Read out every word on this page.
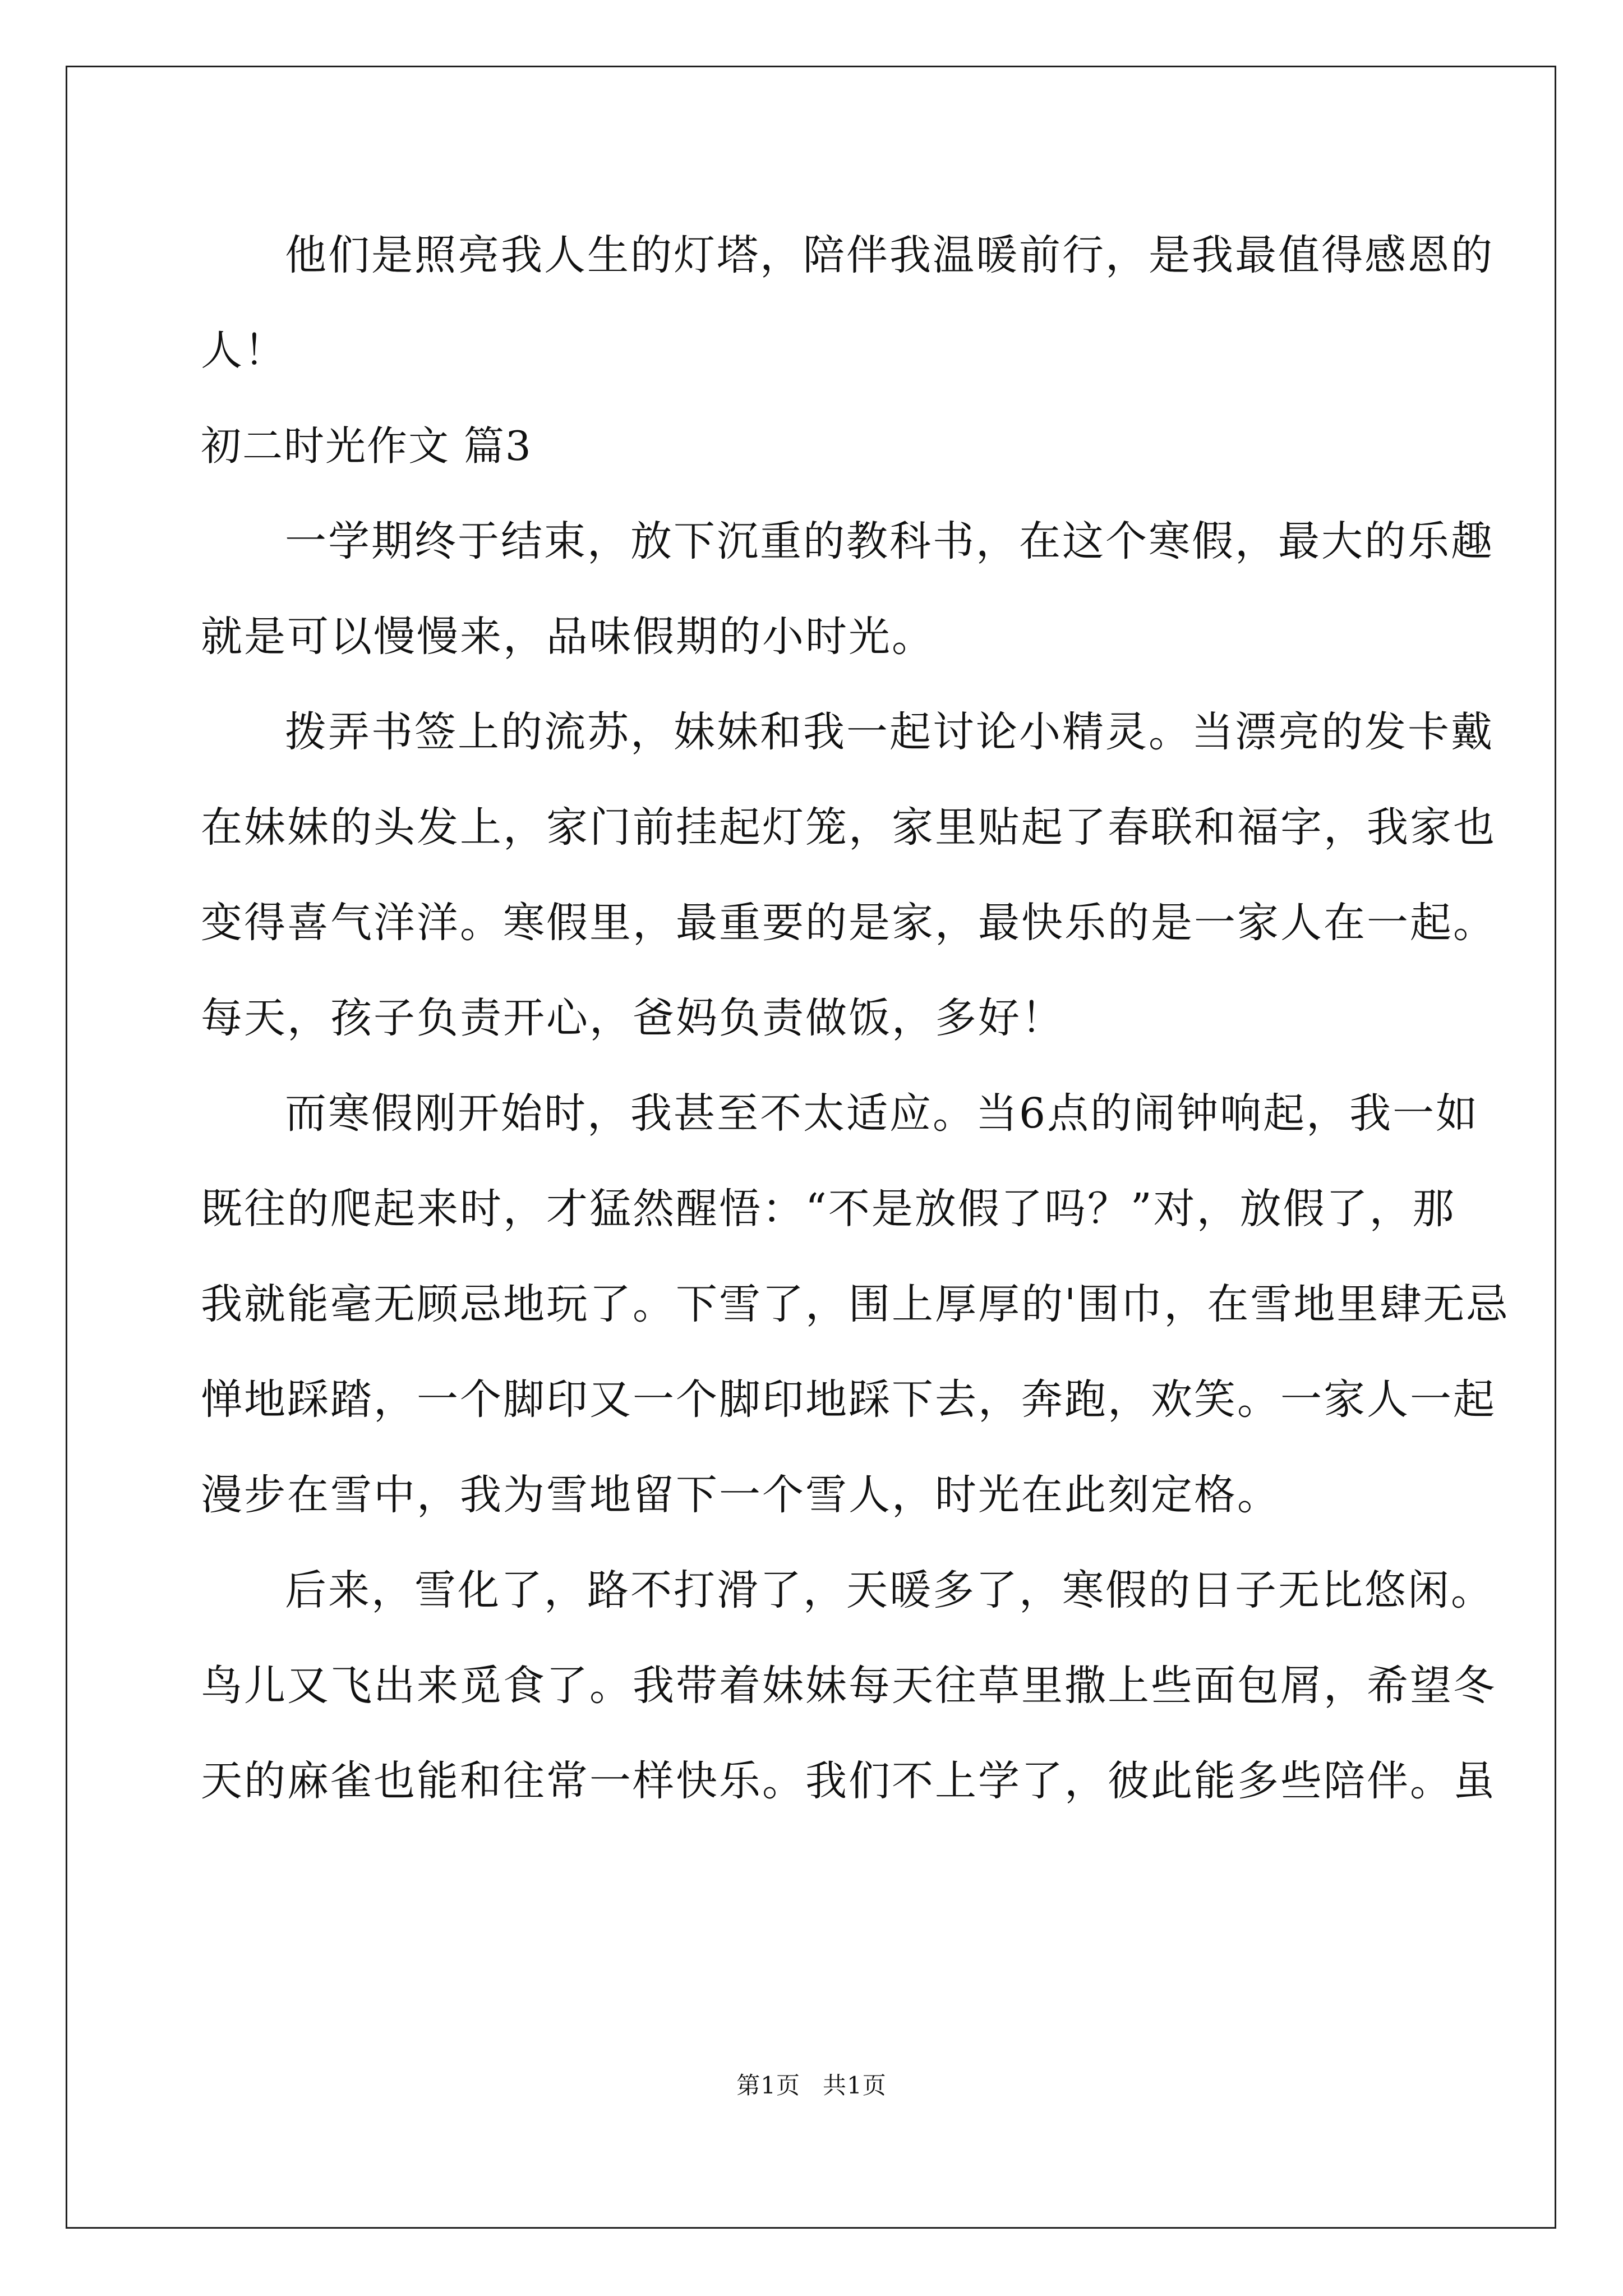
他们是照亮我人生的灯塔，陪伴我温暖前行，是我最值得感恩的
人！
初二时光作文 篇3
一学期终于结束，放下沉重的教科书，在这个寒假，最大的乐趣
就是可以慢慢来，品味假期的小时光。
拨弄书签上的流苏，妹妹和我一起讨论小精灵。当漂亮的发卡戴
在妹妹的头发上，家门前挂起灯笼，家里贴起了春联和福字，我家也
变得喜气洋洋。寒假里，最重要的是家，最快乐的是一家人在一起。
每天，孩子负责开心，爸妈负责做饭，多好！
而寒假刚开始时，我甚至不太适应。当6点的闹钟响起，我一如
既往的爬起来时，才猛然醒悟：“不是放假了吗？”对，放假了，那
我就能毫无顾忌地玩了。下雪了，围上厚厚的'围巾，在雪地里肆无忌
惮地踩踏，一个脚印又一个脚印地踩下去，奔跑，欢笑。一家人一起
漫步在雪中，我为雪地留下一个雪人，时光在此刻定格。
后来，雪化了，路不打滑了，天暖多了，寒假的日子无比悠闲。
鸟儿又飞出来觅食了。我带着妹妹每天往草里撒上些面包屑，希望冬
天的麻雀也能和往常一样快乐。我们不上学了，彼此能多些陪伴。虽
第1页 共1页
